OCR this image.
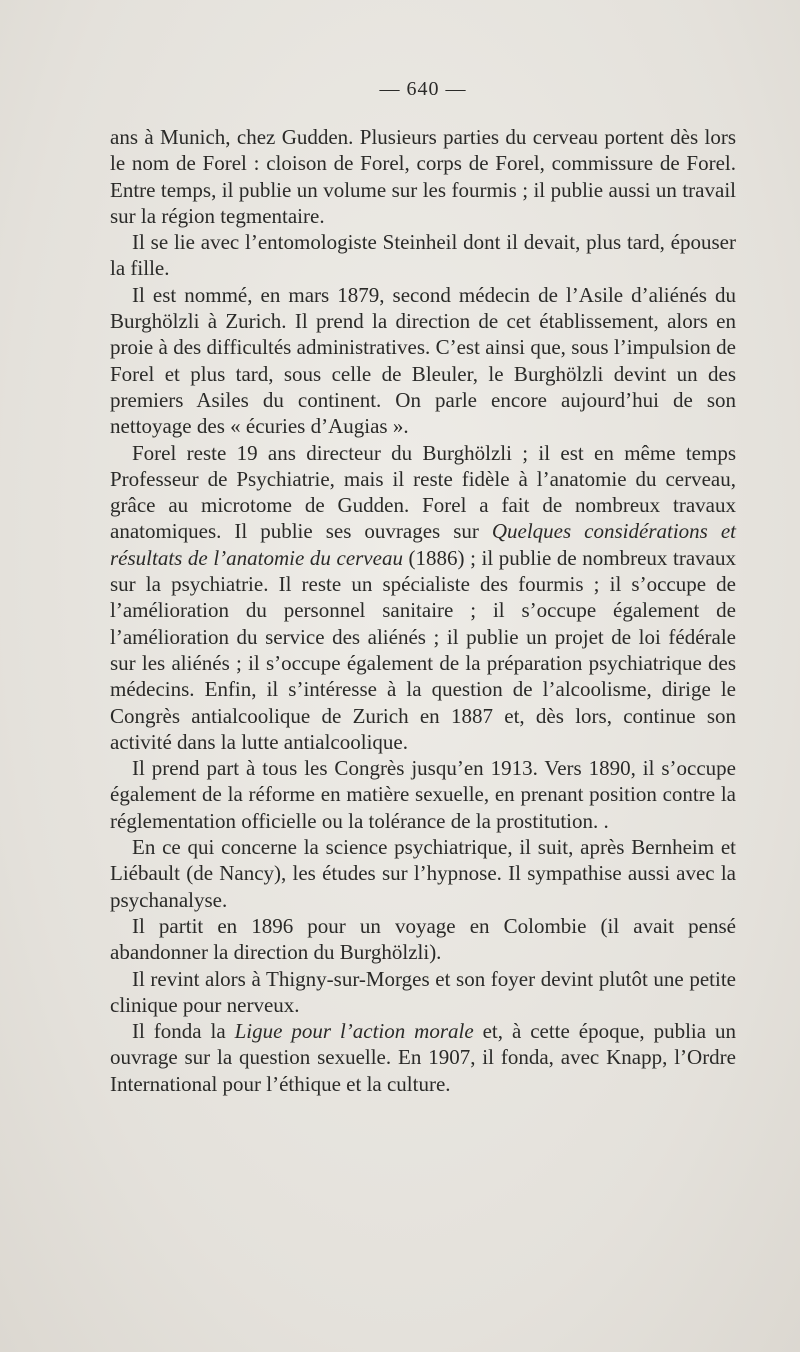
— 640 —

ans à Munich, chez Gudden. Plusieurs parties du cerveau portent dès lors le nom de Forel : cloison de Forel, corps de Forel, commissure de Forel. Entre temps, il publie un volume sur les fourmis ; il publie aussi un travail sur la région tegmentaire.

Il se lie avec l’entomologiste Steinheil dont il devait, plus tard, épouser la fille.

Il est nommé, en mars 1879, second médecin de l’Asile d’aliénés du Burghölzli à Zurich. Il prend la direction de cet établissement, alors en proie à des difficultés administratives. C’est ainsi que, sous l’impulsion de Forel et plus tard, sous celle de Bleuler, le Burghölzli devint un des premiers Asiles du continent. On parle encore aujourd’hui de son nettoyage des « écuries d’Augias ».

Forel reste 19 ans directeur du Burghölzli ; il est en même temps Professeur de Psychiatrie, mais il reste fidèle à l’anatomie du cerveau, grâce au microtome de Gudden. Forel a fait de nombreux travaux anatomiques. Il publie ses ouvrages sur Quelques considérations et résultats de l’anatomie du cerveau (1886) ; il publie de nombreux travaux sur la psychiatrie. Il reste un spécialiste des fourmis ; il s’occupe de l’amélioration du personnel sanitaire ; il s’occupe également de l’amélioration du service des aliénés ; il publie un projet de loi fédérale sur les aliénés ; il s’occupe également de la préparation psychiatrique des médecins. Enfin, il s’intéresse à la question de l’alcoolisme, dirige le Congrès antialcoolique de Zurich en 1887 et, dès lors, continue son activité dans la lutte antialcoolique.

Il prend part à tous les Congrès jusqu’en 1913. Vers 1890, il s’occupe également de la réforme en matière sexuelle, en prenant position contre la réglementation officielle ou la tolérance de la prostitution. .

En ce qui concerne la science psychiatrique, il suit, après Bernheim et Liébault (de Nancy), les études sur l’hypnose. Il sympathise aussi avec la psychanalyse.

Il partit en 1896 pour un voyage en Colombie (il avait pensé abandonner la direction du Burghölzli).

Il revint alors à Thigny-sur-Morges et son foyer devint plutôt une petite clinique pour nerveux.

Il fonda la Ligue pour l’action morale et, à cette époque, publia un ouvrage sur la question sexuelle. En 1907, il fonda, avec Knapp, l’Ordre International pour l’éthique et la culture.
